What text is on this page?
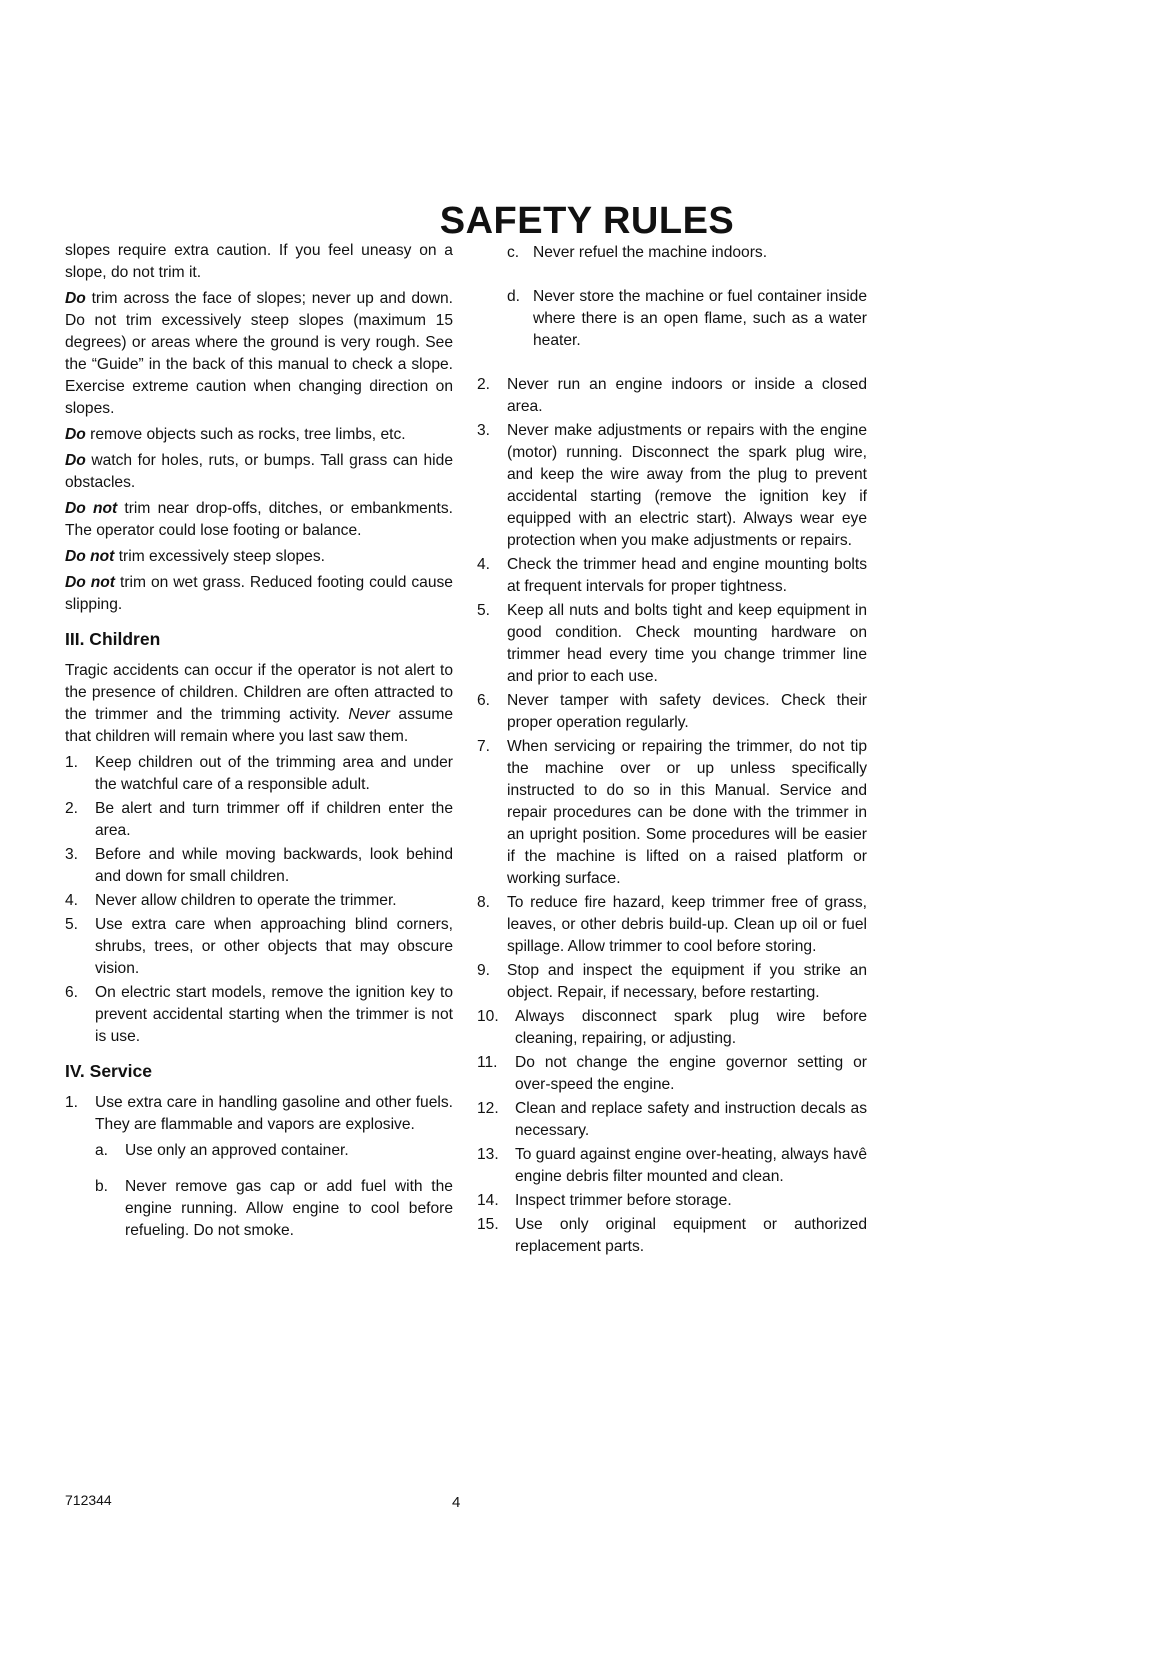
SAFETY RULES

slopes require extra caution. If you feel uneasy on a slope, do not trim it.

Do trim across the face of slopes; never up and down. Do not trim excessively steep slopes (maximum 15 degrees) or areas where the ground is very rough. See the “Guide” in the back of this manual to check a slope. Exercise extreme caution when changing direction on slopes.

Do remove objects such as rocks, tree limbs, etc.

Do watch for holes, ruts, or bumps. Tall grass can hide obstacles.

Do not trim near drop-offs, ditches, or embankments. The operator could lose footing or balance.

Do not trim excessively steep slopes.

Do not trim on wet grass. Reduced footing could cause slipping.

III. Children

Tragic accidents can occur if the operator is not alert to the presence of children. Children are often attracted to the trimmer and the trimming activity. Never assume that children will remain where you last saw them.

1.	Keep children out of the trimming area and under the watchful care of a responsible adult.
2.	Be alert and turn trimmer off if children enter the area.
3.	Before and while moving backwards, look behind and down for small children.
4.	Never allow children to operate the trimmer.
5.	Use extra care when approaching blind corners, shrubs, trees, or other objects that may obscure vision.
6.	On electric start models, remove the ignition key to prevent accidental starting when the trimmer is not is use.
IV. Service
1.	Use extra care in handling gasoline and other fuels. They are flammable and vapors are explosive.
a.	Use only an approved container.
b.	Never remove gas cap or add fuel with the engine running. Allow engine to cool before refueling. Do not smoke.
c. Never refuel the machine indoors.
d. Never store the machine or fuel container inside where there is an open flame, such as a water heater.
2.	Never run an engine indoors or inside a closed area.
3.	Never make adjustments or repairs with the engine (motor) running. Disconnect the spark plug wire, and keep the wire away from the plug to prevent accidental starting (remove the ignition key if equipped with an electric start). Always wear eye protection when you make adjustments or repairs.
4.	Check the trimmer head and engine mounting bolts at frequent intervals for proper tightness.
5.	Keep all nuts and bolts tight and keep equipment in good condition. Check mounting hardware on trimmer head every time you change trimmer line and prior to each use.
6.	Never tamper with safety devices. Check their proper operation regularly.
7.	When servicing or repairing the trimmer, do not tip the machine over or up unless specifically instructed to do so in this Manual. Service and repair procedures can be done with the trimmer in an upright position. Some procedures will be easier if the machine is lifted on a raised platform or working surface.
8.	To reduce fire hazard, keep trimmer free of grass, leaves, or other debris build-up. Clean up oil or fuel spillage. Allow trimmer to cool before storing.
9.	Stop and inspect the equipment if you strike an object. Repair, if necessary, before restarting.
10.	Always disconnect spark plug wire before cleaning, repairing, or adjusting.
11.	Do not change the engine governor setting or over-speed the engine.
12.	Clean and replace safety and instruction decals as necessary.
13.	To guard against engine over-heating, always havê engine debris filter mounted and clean.
14.	Inspect trimmer before storage.
15.	Use only original equipment or authorized replacement parts.
712344	4
